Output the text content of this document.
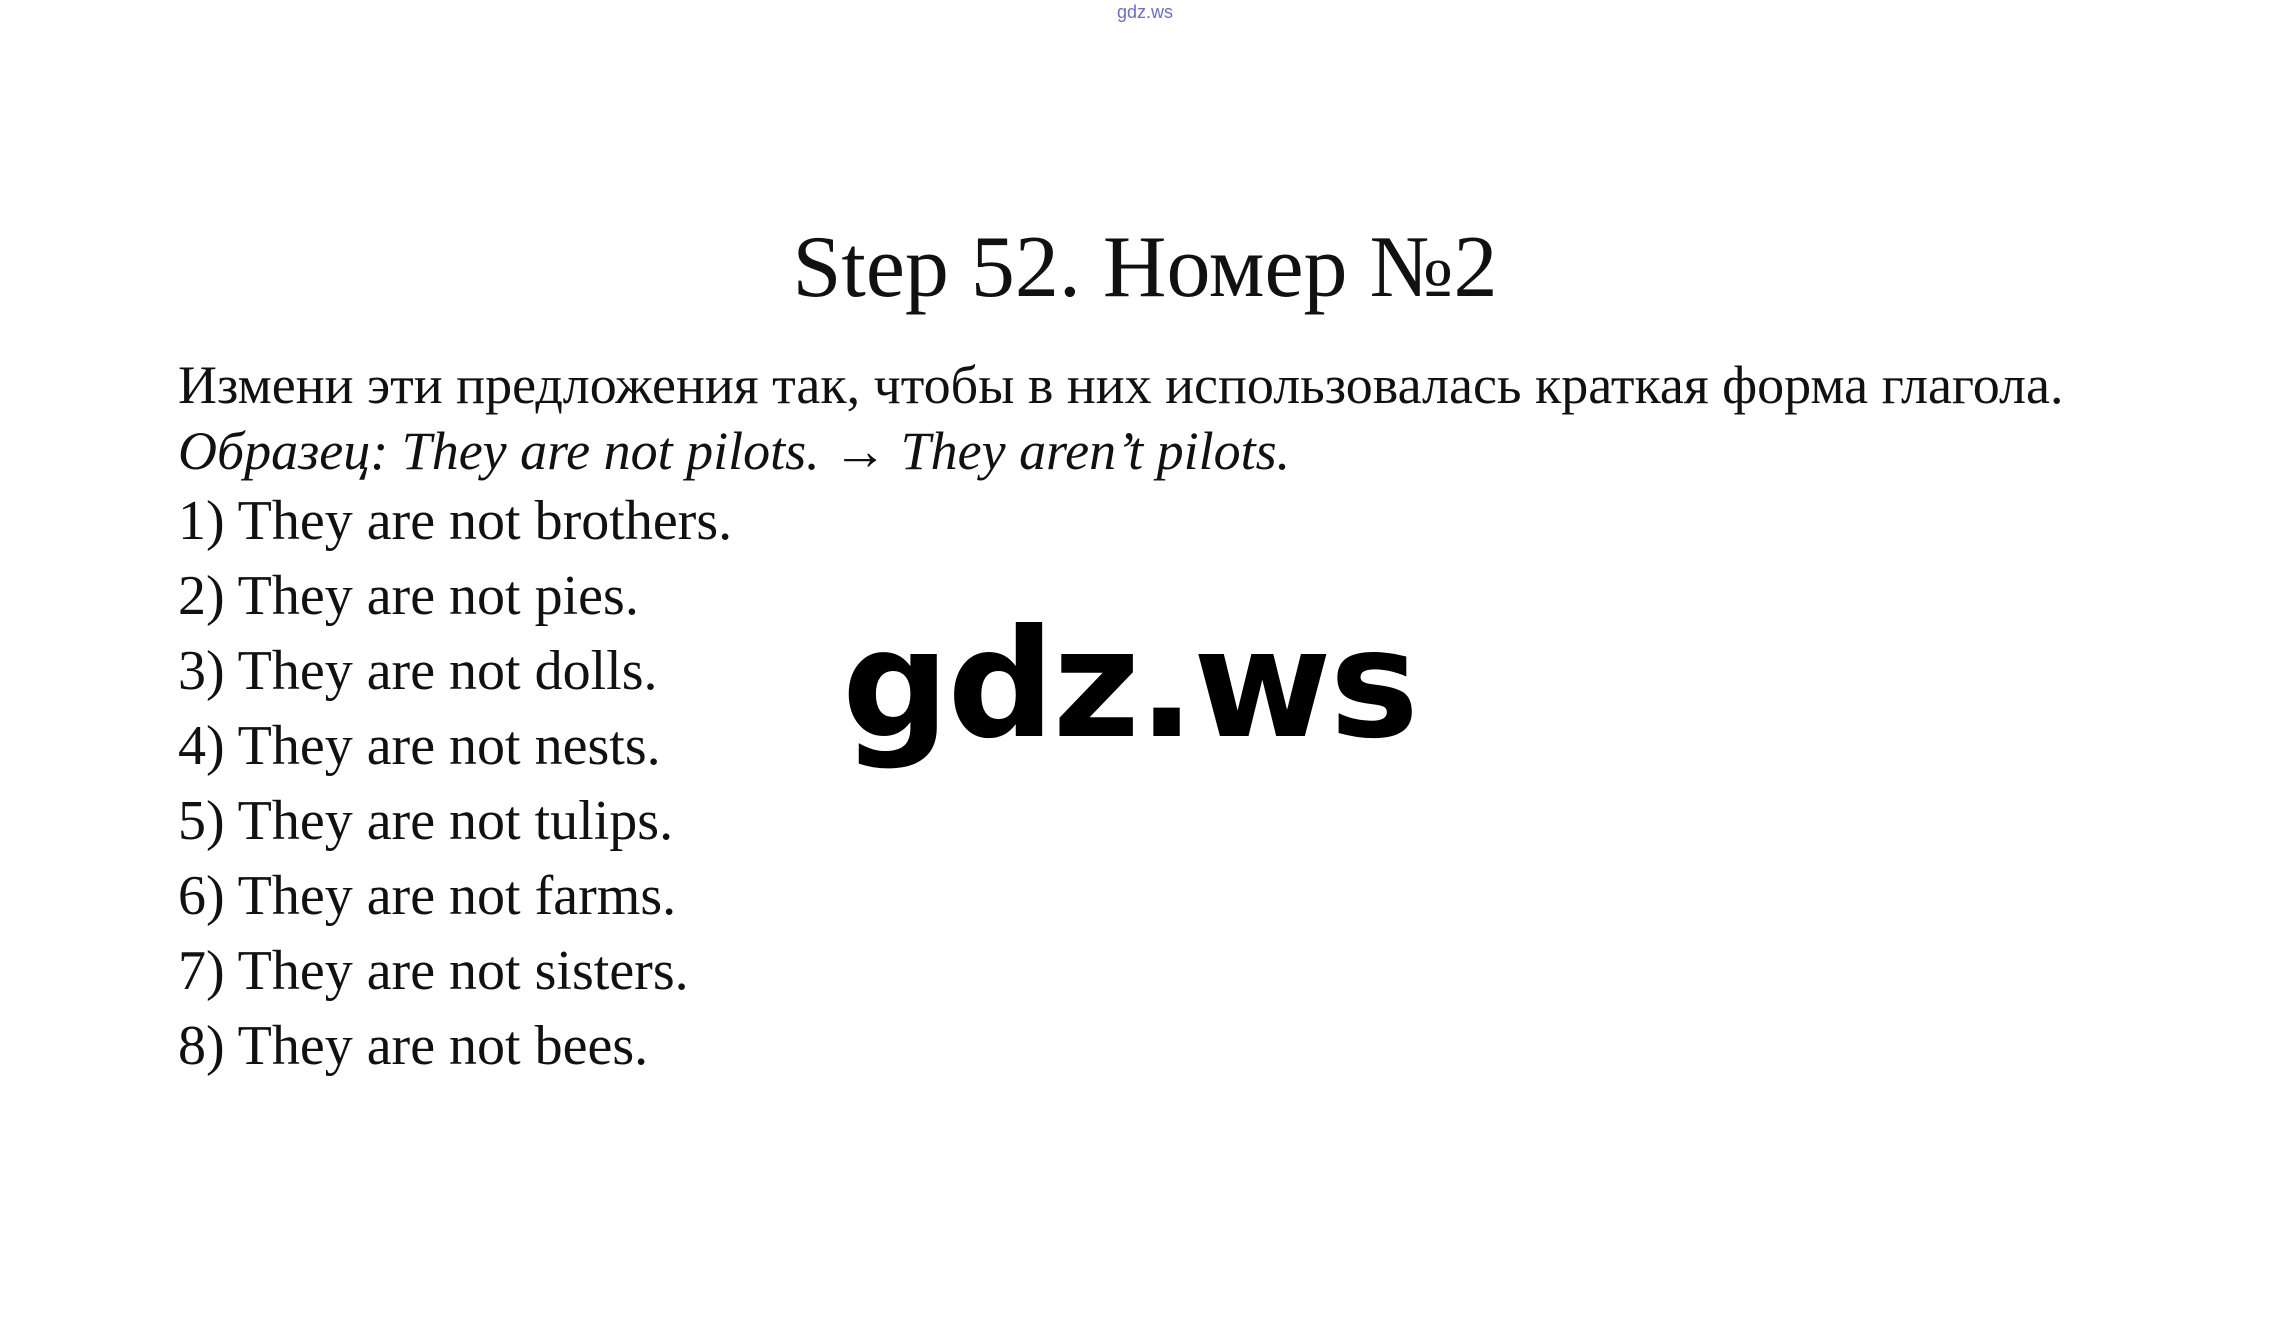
gdz.ws
Step 52. Номер №2

Измени эти предложения так, чтобы в них использовалась краткая форма глагола.

Образец: They are not pilots. → They aren’t pilots.

1) They are not brothers.
2) They are not pies.
3) They are not dolls.
4) They are not nests.
5) They are not tulips.
6) They are not farms.
7) They are not sisters.
8) They are not bees.
gdz.ws
